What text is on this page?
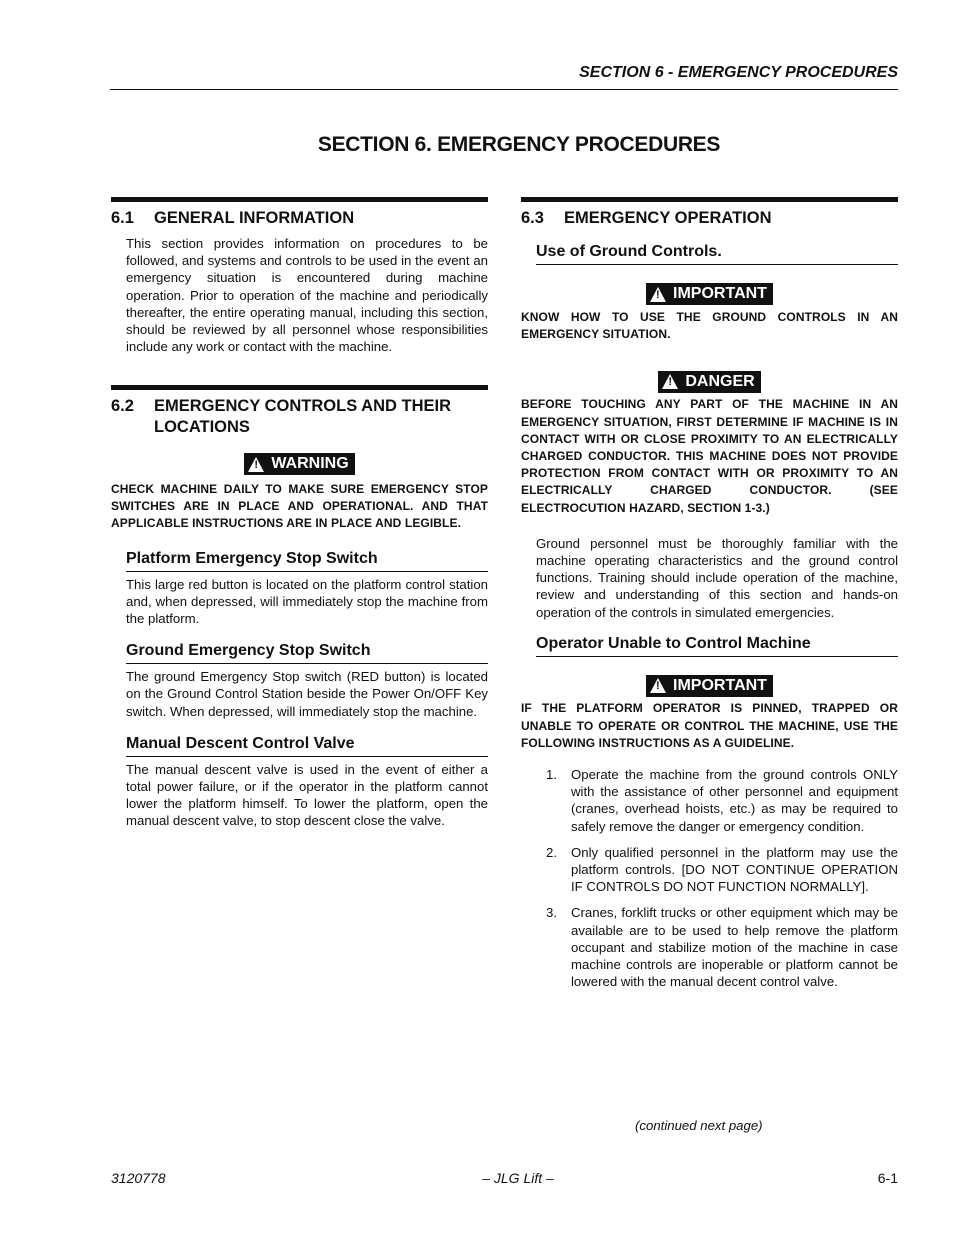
SECTION 6 - EMERGENCY PROCEDURES
SECTION 6. EMERGENCY PROCEDURES
6.1	GENERAL INFORMATION
This section provides information on procedures to be followed, and systems and controls to be used in the event an emergency situation is encountered during machine operation. Prior to operation of the machine and periodically thereafter, the entire operating manual, including this section, should be reviewed by all personnel whose responsibilities include any work or contact with the machine.
6.2	EMERGENCY CONTROLS AND THEIR LOCATIONS
!
WARNING
CHECK MACHINE DAILY TO MAKE SURE EMERGENCY STOP SWITCHES ARE IN PLACE AND OPERATIONAL. AND THAT APPLICABLE INSTRUCTIONS ARE IN PLACE AND LEGIBLE.
Platform Emergency Stop Switch
This large red button is located on the platform control station and, when depressed, will immediately stop the machine from the platform.
Ground Emergency Stop Switch
The ground Emergency Stop switch (RED button) is located on the Ground Control Station beside the Power On/OFF Key switch. When depressed, will immediately stop the machine.
Manual Descent Control Valve
The manual descent valve is used in the event of either a total power failure, or if the operator in the platform cannot lower the platform himself. To lower the platform, open the manual descent valve, to stop descent close the valve.
6.3	EMERGENCY OPERATION
Use of Ground Controls.
!
IMPORTANT
KNOW HOW TO USE THE GROUND CONTROLS IN AN EMERGENCY SITUATION.
!
DANGER
BEFORE TOUCHING ANY PART OF THE MACHINE IN AN EMERGENCY SITUATION, FIRST DETERMINE IF MACHINE IS IN CONTACT WITH OR CLOSE PROXIMITY TO AN ELECTRICALLY CHARGED CONDUCTOR. THIS MACHINE DOES NOT PROVIDE PROTECTION FROM CONTACT WITH OR PROXIMITY TO AN ELECTRICALLY CHARGED CONDUCTOR. (SEE ELECTROCUTION HAZARD, SECTION 1-3.)
Ground personnel must be thoroughly familiar with the machine operating characteristics and the ground control functions. Training should include operation of the machine, review and understanding of this section and hands-on operation of the controls in simulated emergencies.
Operator Unable to Control Machine
!
IMPORTANT
IF THE PLATFORM OPERATOR IS PINNED, TRAPPED OR UNABLE TO OPERATE OR CONTROL THE MACHINE, USE THE FOLLOWING INSTRUCTIONS AS A GUIDELINE.
1.	Operate the machine from the ground controls ONLY with the assistance of other personnel and equipment (cranes, overhead hoists, etc.) as may be required to safely remove the danger or emergency condition.
2.	Only qualified personnel in the platform may use the platform controls. [DO NOT CONTINUE OPERATION IF CONTROLS DO NOT FUNCTION NORMALLY].
3.	Cranes, forklift trucks or other equipment which may be available are to be used to help remove the platform occupant and stabilize motion of the machine in case machine controls are inoperable or platform cannot be lowered with the manual decent control valve.
(continued next page)
3120778	– JLG Lift –	6-1
